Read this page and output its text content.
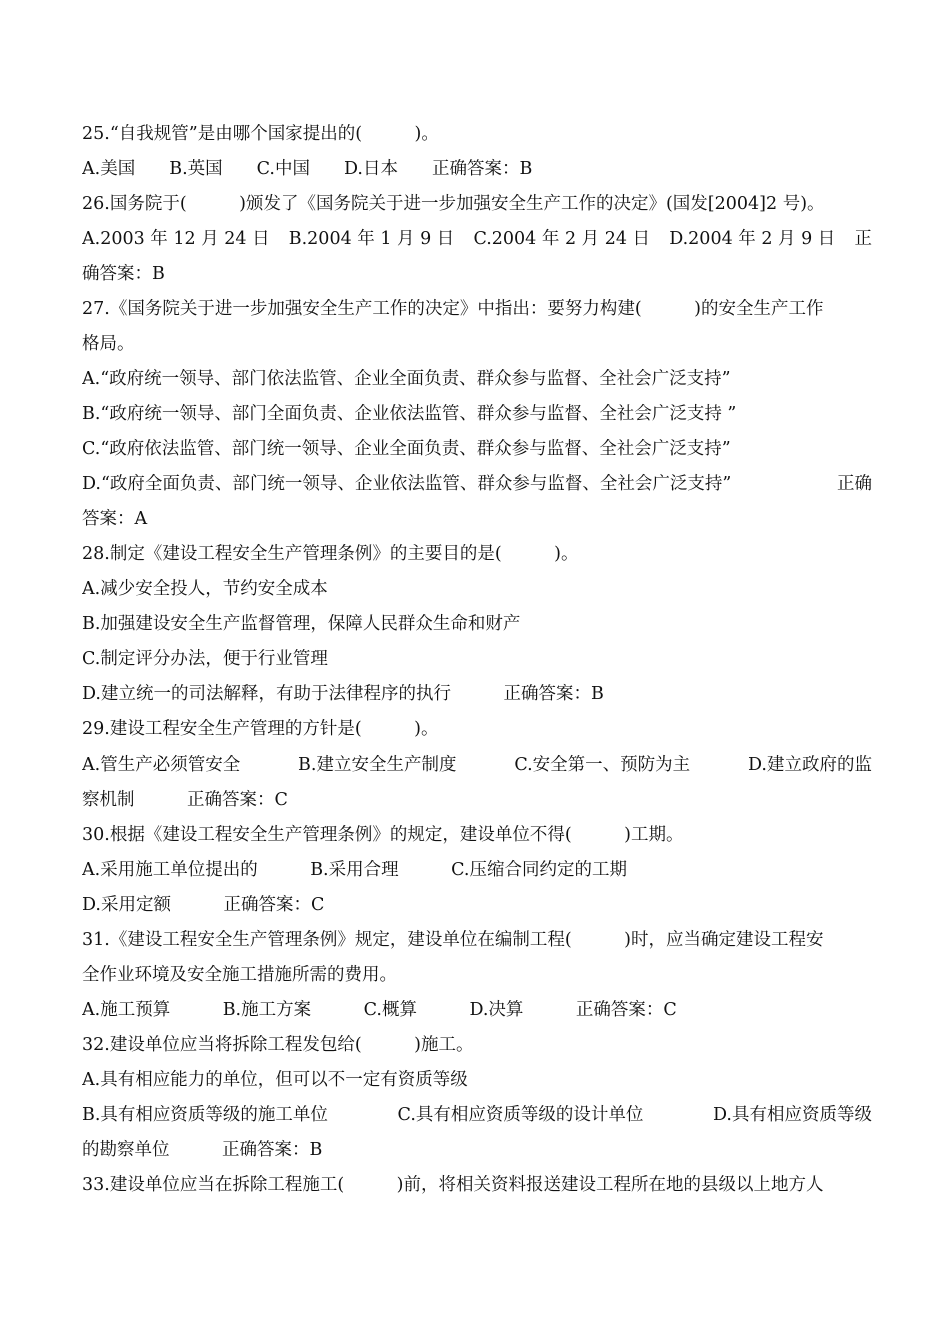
25.“自我规管”是由哪个国家提出的(　　　)。
A.美国 B.英国 C.中国 D.日本 正确答案：B
26.国务院于(　　　)颁发了《国务院关于进一步加强安全生产工作的决定》(国发[2004]2 号)。
A.2003 年 12 月 24 日 B.2004 年 1 月 9 日 C.2004 年 2 月 24 日 D.2004 年 2 月 9 日 正
确答案：B
27.《国务院关于进一步加强安全生产工作的决定》中指出：要努力构建(　　　)的安全生产工作
格局。
A.“政府统一领导、部门依法监管、企业全面负责、群众参与监督、全社会广泛支持”
B.“政府统一领导、部门全面负责、企业依法监管、群众参与监督、全社会广泛支持 ”
C.“政府依法监管、部门统一领导、企业全面负责、群众参与监督、全社会广泛支持”
D.“政府全面负责、部门统一领导、企业依法监管、群众参与监督、全社会广泛支持”	正确
答案：A
28.制定《建设工程安全生产管理条例》的主要目的是(　　　)。
A.减少安全投人，节约安全成本
B.加强建设安全生产监督管理，保障人民群众生命和财产
C.制定评分办法，便于行业管理
D.建立统一的司法解释，有助于法律程序的执行　　　正确答案：B
29.建设工程安全生产管理的方针是(　　　)。
A.管生产必须管安全	B.建立安全生产制度	C.安全第一、预防为主	D.建立政府的监
察机制　　　正确答案：C
30.根据《建设工程安全生产管理条例》的规定，建设单位不得(　　　)工期。
A.采用施工单位提出的　　　B.采用合理　　　C.压缩合同约定的工期
D.采用定额　　　正确答案：C
31.《建设工程安全生产管理条例》规定，建设单位在编制工程(　　　)时，应当确定建设工程安
全作业环境及安全施工措施所需的费用。
A.施工预算　　　B.施工方案　　　C.概算　　　D.决算　　　正确答案：C
32.建设单位应当将拆除工程发包给(　　　)施工。
A.具有相应能力的单位，但可以不一定有资质等级
B.具有相应资质等级的施工单位	C.具有相应资质等级的设计单位	D.具有相应资质等级
的勘察单位　　　正确答案：B
33.建设单位应当在拆除工程施工(　　　)前，将相关资料报送建设工程所在地的县级以上地方人
